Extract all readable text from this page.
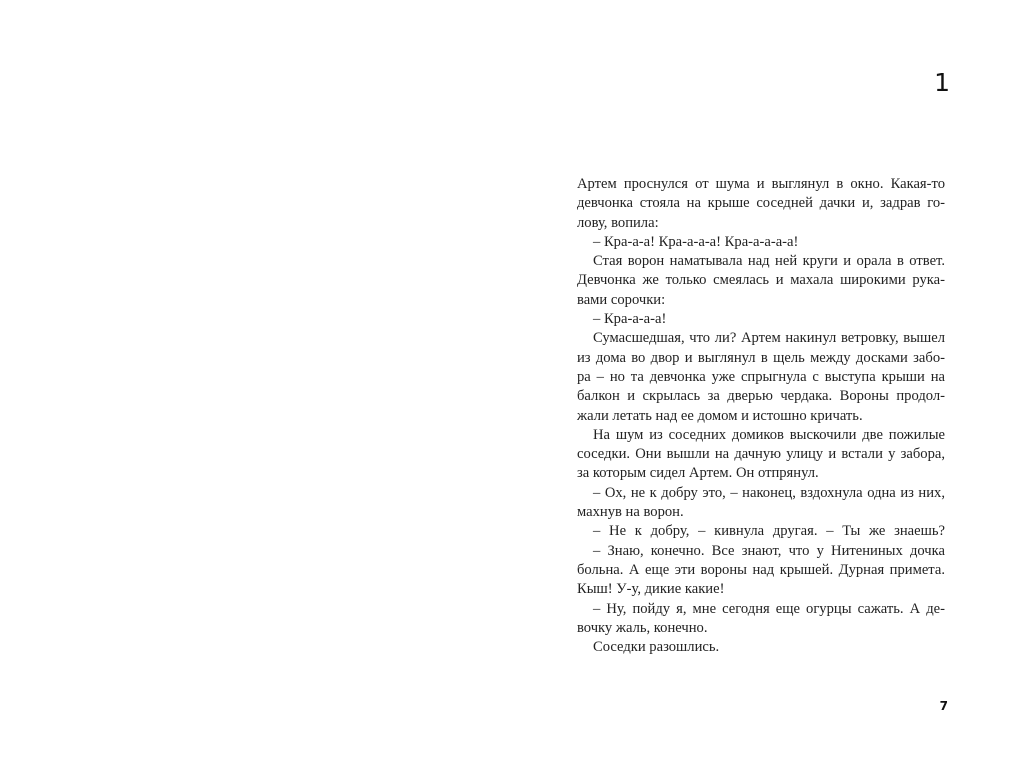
1
Артем проснулся от шума и выглянул в окно. Какая-то
девчонка стояла на крыше соседней дачки и, задрав го-
лову, вопила:
– Кра-а-а! Кра-а-а-а! Кра-а-а-а-а!
Стая ворон наматывала над ней круги и орала в ответ.
Девчонка же только смеялась и махала широкими рука-
вами сорочки:
– Кра-а-а-а!
Сумасшедшая, что ли? Артем накинул ветровку, вышел
из дома во двор и выглянул в щель между досками забо-
ра – но та девчонка уже спрыгнула с выступа крыши на
балкон и скрылась за дверью чердака. Вороны продол-
жали летать над ее домом и истошно кричать.
На шум из соседних домиков выскочили две пожилые
соседки. Они вышли на дачную улицу и встали у забора,
за которым сидел Артем. Он отпрянул.
– Ох, не к добру это, – наконец, вздохнула одна из них,
махнув на ворон.
– Не к добру, – кивнула другая. – Ты же знаешь?
– Знаю, конечно. Все знают, что у Нитениных дочка
больна. А еще эти вороны над крышей. Дурная примета.
Кыш! У-у, дикие какие!
– Ну, пойду я, мне сегодня еще огурцы сажать. А де-
вочку жаль, конечно.
Соседки разошлись.
7
